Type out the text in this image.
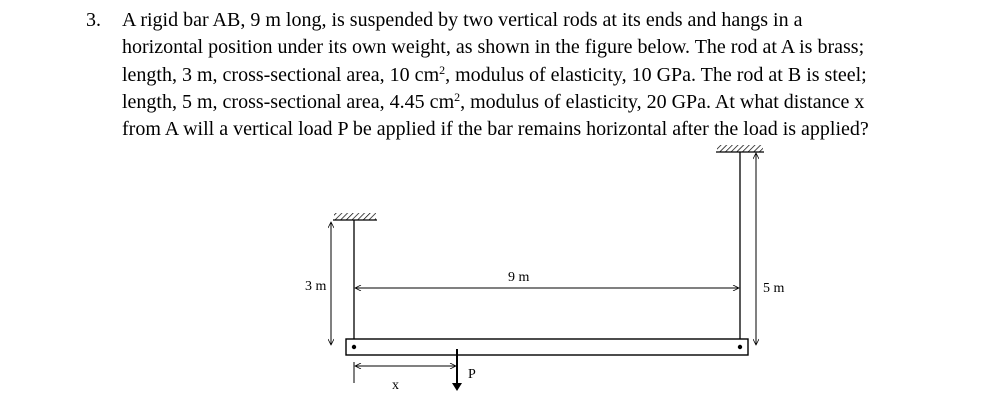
3. A rigid bar AB, 9 m long, is suspended by two vertical rods at its ends and hangs in a
horizontal position under its own weight, as shown in the figure below. The rod at A is brass;
length, 3 m, cross-sectional area, 10 $cm^2$, modulus of elasticity, 10 GPa. The rod at B is steel;
length, 5 m, cross-sectional area, 4.45 $cm^2$, modulus of elasticity, 20 GPa. At what distance x
from A will a vertical load P be applied if the bar remains horizontal after the load is applied?
3 m	5 m
9 m
P
x
